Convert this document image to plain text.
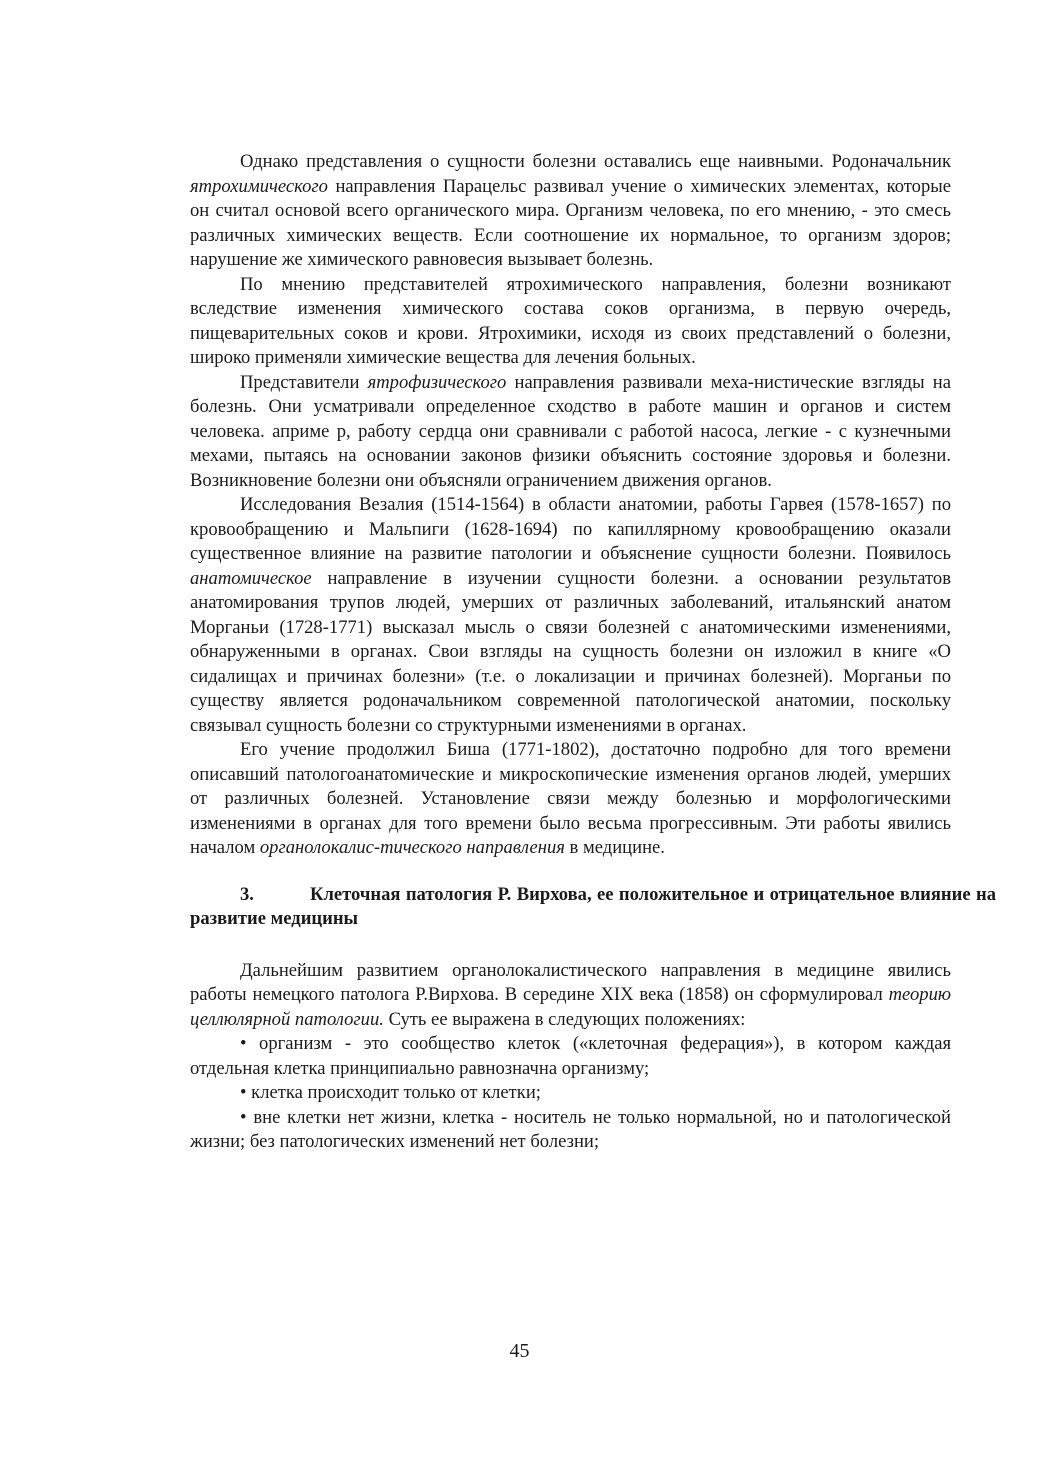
Однако представления о сущности болезни оставались еще наивными. Родоначальник ятрохимического направления Парацельс развивал учение о химических элементах, которые он считал основой всего органического мира. Организм человека, по его мнению, - это смесь различных химических веществ. Если соотношение их нормальное, то организм здоров; нарушение же химического равновесия вызывает болезнь.

По мнению представителей ятрохимического направления, болезни возникают вследствие изменения химического состава соков организма, в первую очередь, пищеварительных соков и крови. Ятрохимики, исходя из своих представлений о болезни, широко применяли химические вещества для лечения больных.

Представители ятрофизического направления развивали меха-нистические взгляды на болезнь. Они усматривали определенное сходство в работе машин и органов и систем человека. априме р, работу сердца они сравнивали с работой насоса, легкие - с кузнечными мехами, пытаясь на основании законов физики объяснить состояние здоровья и болезни. Возникновение болезни они объясняли ограничением движения органов.

Исследования Везалия (1514-1564) в области анатомии, работы Гарвея (1578-1657) по кровообращению и Мальпиги (1628-1694) по капиллярному кровообращению оказали существенное влияние на развитие патологии и объяснение сущности болезни. Появилось анатомическое направление в изучении сущности болезни. а основании результатов анатомирования трупов людей, умерших от различных заболеваний, итальянский анатом Морганьи (1728-1771) высказал мысль о связи болезней с анатомическими изменениями, обнаруженными в органах. Свои взгляды на сущность болезни он изложил в книге «О сидалищах и причинах болезни» (т.е. о локализации и причинах болезней). Морганьи по существу является родоначальником современной патологической анатомии, поскольку связывал сущность болезни со структурными изменениями в органах.

Его учение продолжил Биша (1771-1802), достаточно подробно для того времени описавший патологоанатомические и микроскопические изменения органов людей, умерших от различных болезней. Установление связи между болезнью и морфологическими изменениями в органах для того времени было весьма прогрессивным. Эти работы явились началом органолокалис-тического направления в медицине.

3.	Клеточная патология Р. Вирхова, ее положительное и отрицательное влияние на развитие медицины

Дальнейшим развитием органолокалистического направления в медицине явились работы немецкого патолога Р.Вирхова. В середине XIX века (1858) он сформулировал теорию целлюлярной патологии. Суть ее выражена в следующих положениях:

• организм - это сообщество клеток («клеточная федерация»), в котором каждая отдельная клетка принципиально равнозначна организму;

• клетка происходит только от клетки;

• вне клетки нет жизни, клетка - носитель не только нормальной, но и патологической жизни; без патологических изменений нет болезни;

45
